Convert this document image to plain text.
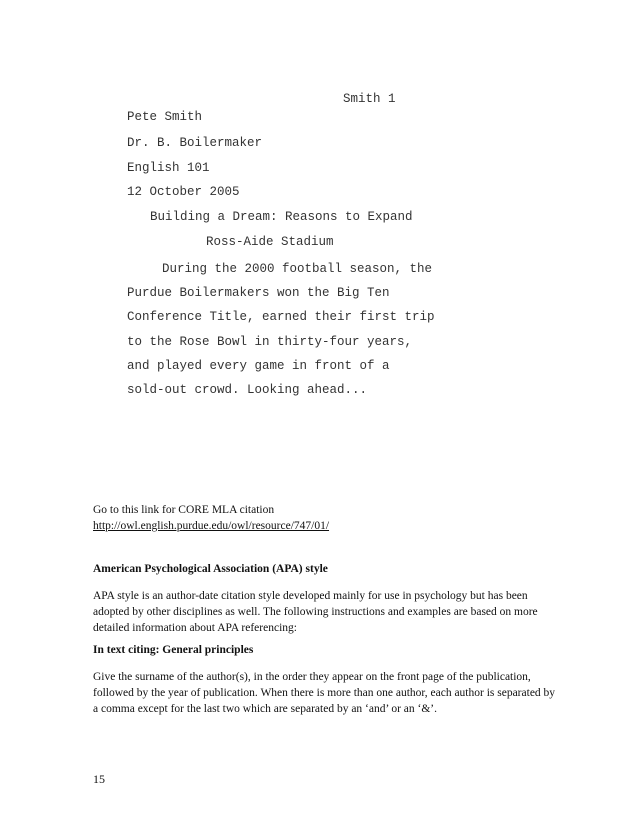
Smith 1
Pete Smith
Dr. B. Boilermaker
English 101
12 October 2005
Building a Dream: Reasons to Expand
Ross-Aide Stadium
During the 2000 football season, the
Purdue Boilermakers won the Big Ten
Conference Title, earned their first trip
to the Rose Bowl in thirty-four years,
and played every game in front of a
sold-out crowd. Looking ahead...
Go to this link for CORE MLA citation
http://owl.english.purdue.edu/owl/resource/747/01/
American Psychological Association (APA) style
APA style is an author-date citation style developed mainly for use in psychology but has been adopted by other disciplines as well. The following instructions and examples are based on more detailed information about APA referencing:
In text citing: General principles
Give the surname of the author(s), in the order they appear on the front page of the publication, followed by the year of publication. When there is more than one author, each author is separated by a comma except for the last two which are separated by an ‘and’ or an ‘&’.
15
